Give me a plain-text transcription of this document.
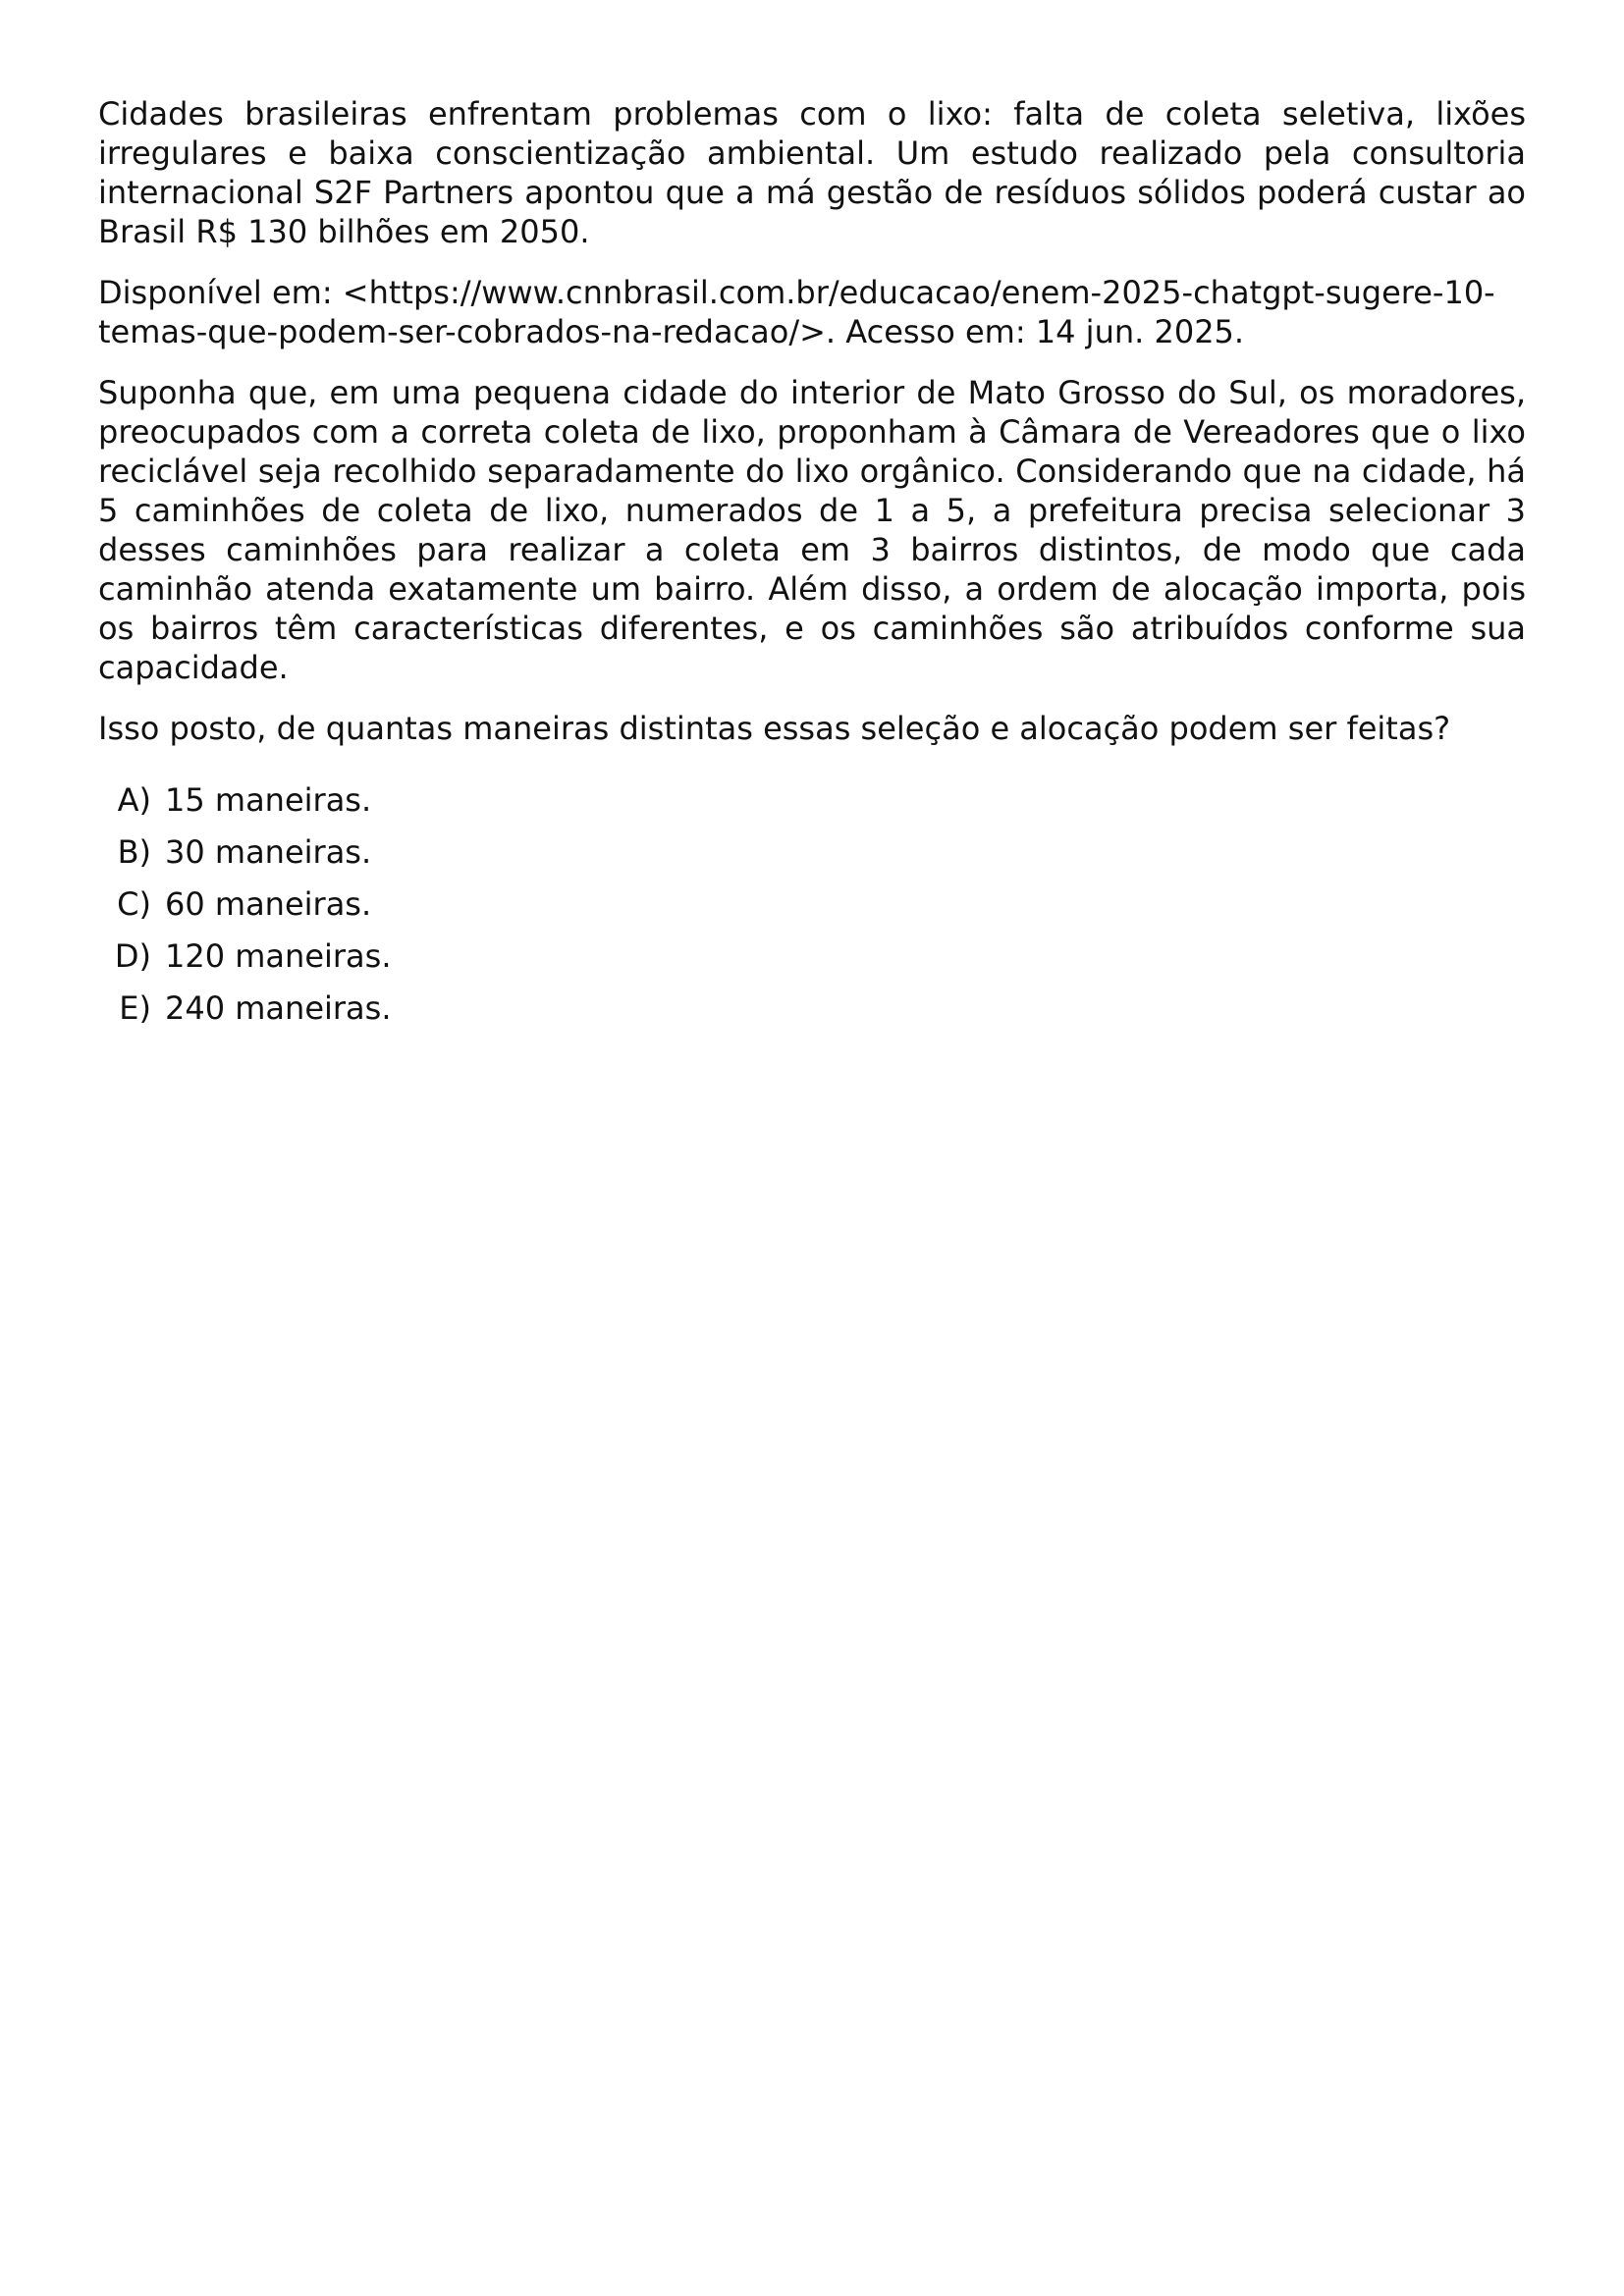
Cidades brasileiras enfrentam problemas com o lixo: falta de coleta seletiva, lixões irregulares e baixa conscientização ambiental. Um estudo realizado pela consultoria internacional S2F Partners apontou que a má gestão de resíduos sólidos poderá custar ao Brasil R$ 130 bilhões em 2050.

Disponível em: <https://www.cnnbrasil.com.br/educacao/enem-2025-chatgpt-sugere-10-
temas-que-podem-ser-cobrados-na-redacao/>. Acesso em: 14 jun. 2025.

Suponha que, em uma pequena cidade do interior de Mato Grosso do Sul, os moradores, preocupados com a correta coleta de lixo, proponham à Câmara de Vereadores que o lixo reciclável seja recolhido separadamente do lixo orgânico. Considerando que na cidade, há 5 caminhões de coleta de lixo, numerados de 1 a 5, a prefeitura precisa selecionar 3 desses caminhões para realizar a coleta em 3 bairros distintos, de modo que cada caminhão atenda exatamente um bairro. Além disso, a ordem de alocação importa, pois os bairros têm características diferentes, e os caminhões são atribuídos conforme sua capacidade.

Isso posto, de quantas maneiras distintas essas seleção e alocação podem ser feitas?

A) 15 maneiras.
B) 30 maneiras.
C) 60 maneiras.
D) 120 maneiras.
E) 240 maneiras.
